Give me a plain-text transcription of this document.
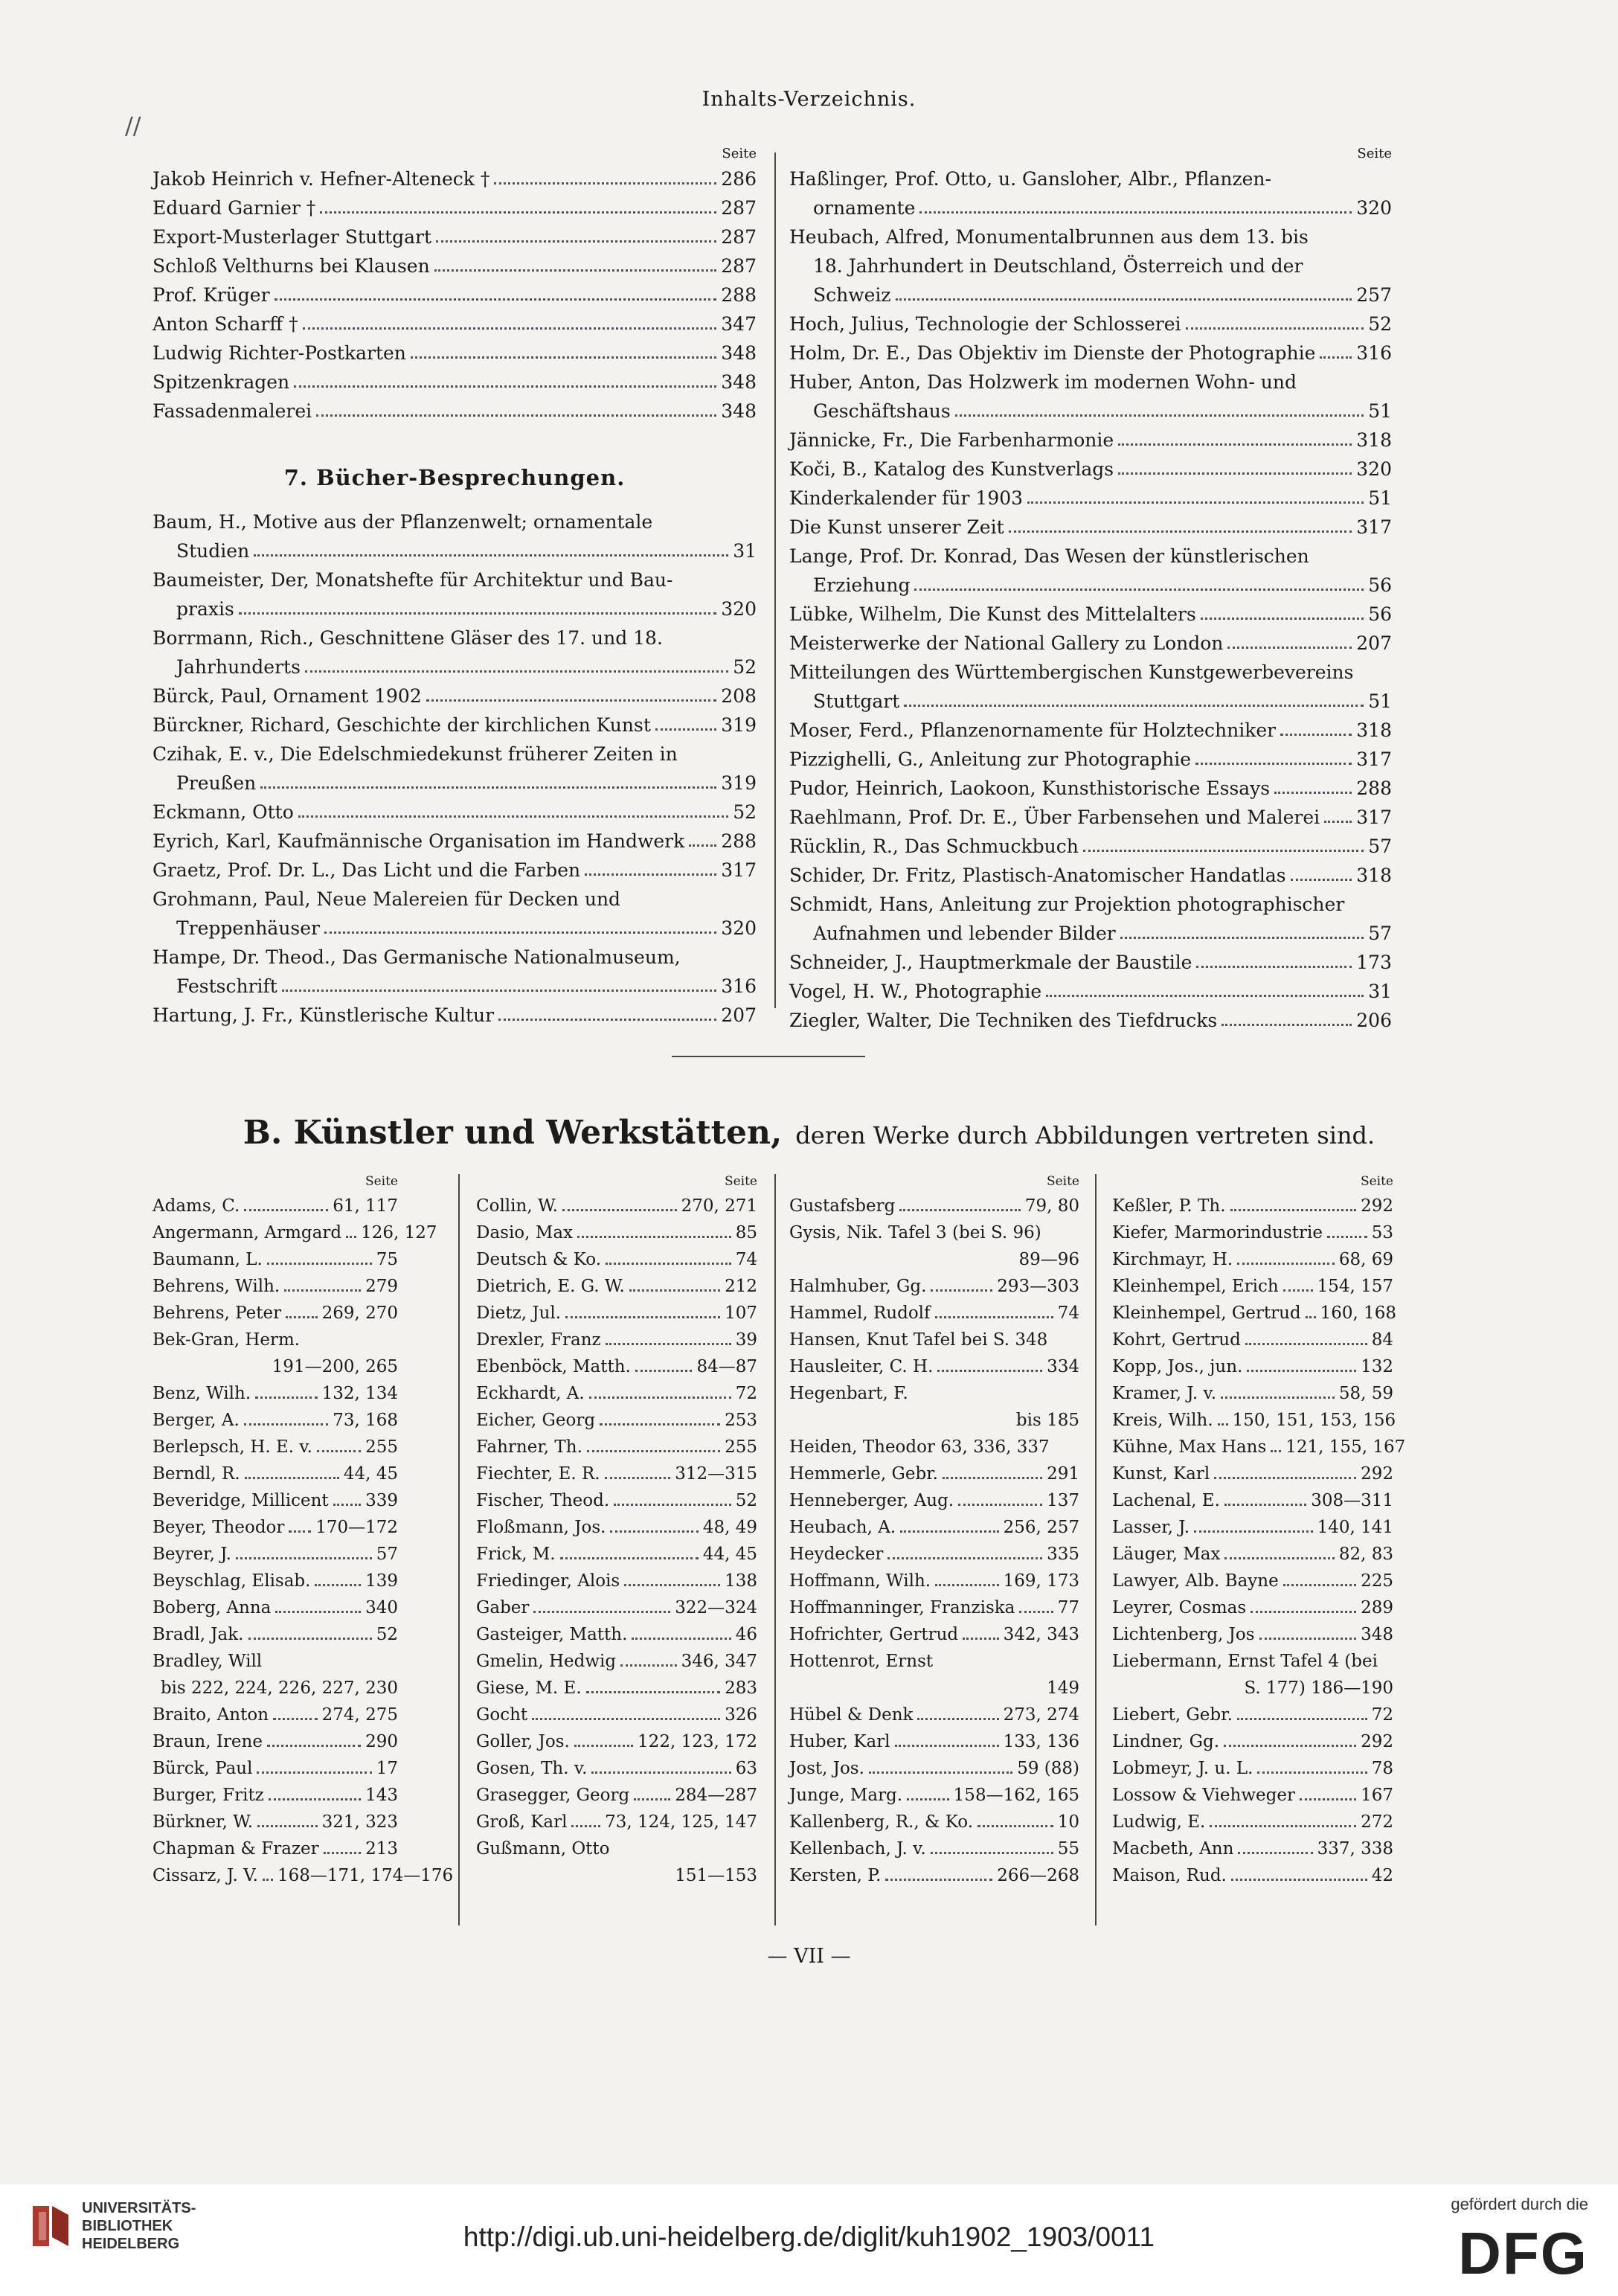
Inhalts-Verzeichnis.
//
Seite
Jakob Heinrich v. Hefner-Alteneck †	286
Eduard Garnier †	287
Export-Musterlager Stuttgart	287
Schloß Velthurns bei Klausen	287
Prof. Krüger	288
Anton Scharff †	347
Ludwig Richter-Postkarten	348
Spitzenkragen	348
Fassadenmalerei	348
7. Bücher-Besprechungen.
Baum, H., Motive aus der Pflanzenwelt; ornamentale
Studien	31
Baumeister, Der, Monatshefte für Architektur und Bau-
praxis	320
Borrmann, Rich., Geschnittene Gläser des 17. und 18.
Jahrhunderts	52
Bürck, Paul, Ornament 1902	208
Bürckner, Richard, Geschichte der kirchlichen Kunst	319
Czihak, E. v., Die Edelschmiedekunst früherer Zeiten in
Preußen	319
Eckmann, Otto	52
Eyrich, Karl, Kaufmännische Organisation im Handwerk 288
Graetz, Prof. Dr. L., Das Licht und die Farben	317
Grohmann, Paul, Neue Malereien für Decken und
Treppenhäuser	320
Hampe, Dr. Theod., Das Germanische Nationalmuseum,
Festschrift	316
Hartung, J. Fr., Künstlerische Kultur	207
Seite
Haßlinger, Prof. Otto, u. Gansloher, Albr., Pflanzen-
ornamente	320
Heubach, Alfred, Monumentalbrunnen aus dem 13. bis
18. Jahrhundert in Deutschland, Österreich und der
Schweiz	257
Hoch, Julius, Technologie der Schlosserei	52
Holm, Dr. E., Das Objektiv im Dienste der Photographie 316
Huber, Anton, Das Holzwerk im modernen Wohn- und
Geschäftshaus	51
Jännicke, Fr., Die Farbenharmonie	318
Koči, B., Katalog des Kunstverlags	320
Kinderkalender für 1903	51
Die Kunst unserer Zeit	317
Lange, Prof. Dr. Konrad, Das Wesen der künstlerischen
Erziehung	56
Lübke, Wilhelm, Die Kunst des Mittelalters	56
Meisterwerke der National Gallery zu London	207
Mitteilungen des Württembergischen Kunstgewerbevereins
Stuttgart	51
Moser, Ferd., Pflanzenornamente für Holztechniker	318
Pizzighelli, G., Anleitung zur Photographie	317
Pudor, Heinrich, Laokoon, Kunsthistorische Essays	288
Raehlmann, Prof. Dr. E., Über Farbensehen und Malerei 317
Rücklin, R., Das Schmuckbuch	57
Schider, Dr. Fritz, Plastisch-Anatomischer Handatlas	318
Schmidt, Hans, Anleitung zur Projektion photographischer
Aufnahmen und lebender Bilder	57
Schneider, J., Hauptmerkmale der Baustile	173
Vogel, H. W., Photographie	31
Ziegler, Walter, Die Techniken des Tiefdrucks	206
B. Künstler und Werkstätten, deren Werke durch Abbildungen vertreten sind.
Seite
Adams, C.	61, 117
Angermann, Armgard 126, 127
Baumann, L.	75
Behrens, Wilh.	279
Behrens, Peter 269, 270
Bek-Gran, Herm.
191—200, 265
Benz, Wilh.	132, 134
Berger, A.	73, 168
Berlepsch, H. E. v.	255
Berndl, R.	44, 45
Beveridge, Millicent 339
Beyer, Theodor 170—172
Beyrer, J.	57
Beyschlag, Elisab.	139
Boberg, Anna	340
Bradl, Jak.	52
Bradley, Will
bis 222, 224, 226, 227, 230
Braito, Anton	274, 275
Braun, Irene	290
Bürck, Paul	17
Burger, Fritz	143
Bürkner, W.	321, 323
Chapman & Frazer	213
Cissarz, J. V. 168—171, 174—176
Seite
Collin, W.	270, 271
Dasio, Max	85
Deutsch & Ko.	74
Dietrich, E. G. W.	212
Dietz, Jul.	107
Drexler, Franz	39
Ebenböck, Matth.	84—87
Eckhardt, A.	72
Eicher, Georg	253
Fahrner, Th.	255
Fiechter, E. R.	312—315
Fischer, Theod.	52
Floßmann, Jos.	48, 49
Frick, M.	44, 45
Friedinger, Alois	138
Gaber	322—324
Gasteiger, Matth.	46
Gmelin, Hedwig	346, 347
Giese, M. E.	283
Gocht	326
Goller, Jos.	122, 123, 172
Gosen, Th. v.	63
Grasegger, Georg	284—287
Groß, Karl 73, 124, 125, 147
Gußmann, Otto
151—153
Seite
Gustafsberg	79, 80
Gysis, Nik. Tafel 3 (bei S. 96)
89—96
Halmhuber, Gg.	293—303
Hammel, Rudolf	74
Hansen, Knut Tafel bei S. 348
Hausleiter, C. H.	334
Hegenbart, F.
bis 185
Heiden, Theodor 63, 336, 337
Hemmerle, Gebr.	291
Henneberger, Aug.	137
Heubach, A.	256, 257
Heydecker	335
Hoffmann, Wilh.	169, 173
Hoffmanninger, Franziska 77
Hofrichter, Gertrud	342, 343
Hottenrot, Ernst
149
Hübel & Denk	273, 274
Huber, Karl	133, 136
Jost, Jos.	59 (88)
Junge, Marg.	158—162, 165
Kallenberg, R., & Ko.	10
Kellenbach, J. v.	55
Kersten, P.	266—268
Seite
Keßler, P. Th.	292
Kiefer, Marmorindustrie	53
Kirchmayr, H.	68, 69
Kleinhempel, Erich 154, 157
Kleinhempel, Gertrud 160, 168
Kohrt, Gertrud	84
Kopp, Jos., jun.	132
Kramer, J. v.	58, 59
Kreis, Wilh. 150, 151, 153, 156
Kühne, Max Hans 121, 155, 167
Kunst, Karl	292
Lachenal, E.	308—311
Lasser, J.	140, 141
Läuger, Max	82, 83
Lawyer, Alb. Bayne	225
Leyrer, Cosmas	289
Lichtenberg, Jos	348
Liebermann, Ernst Tafel 4 (bei
S. 177) 186—190
Liebert, Gebr.	72
Lindner, Gg.	292
Lobmeyr, J. u. L.	78
Lossow & Viehweger	167
Ludwig, E.	272
Macbeth, Ann	337, 338
Maison, Rud.	42
— VII —
UNIVERSITÄTS-
BIBLIOTHEK
HEIDELBERG	http://digi.ub.uni-heidelberg.de/diglit/kuh1902_1903/0011
gefördert durch die
DFG
